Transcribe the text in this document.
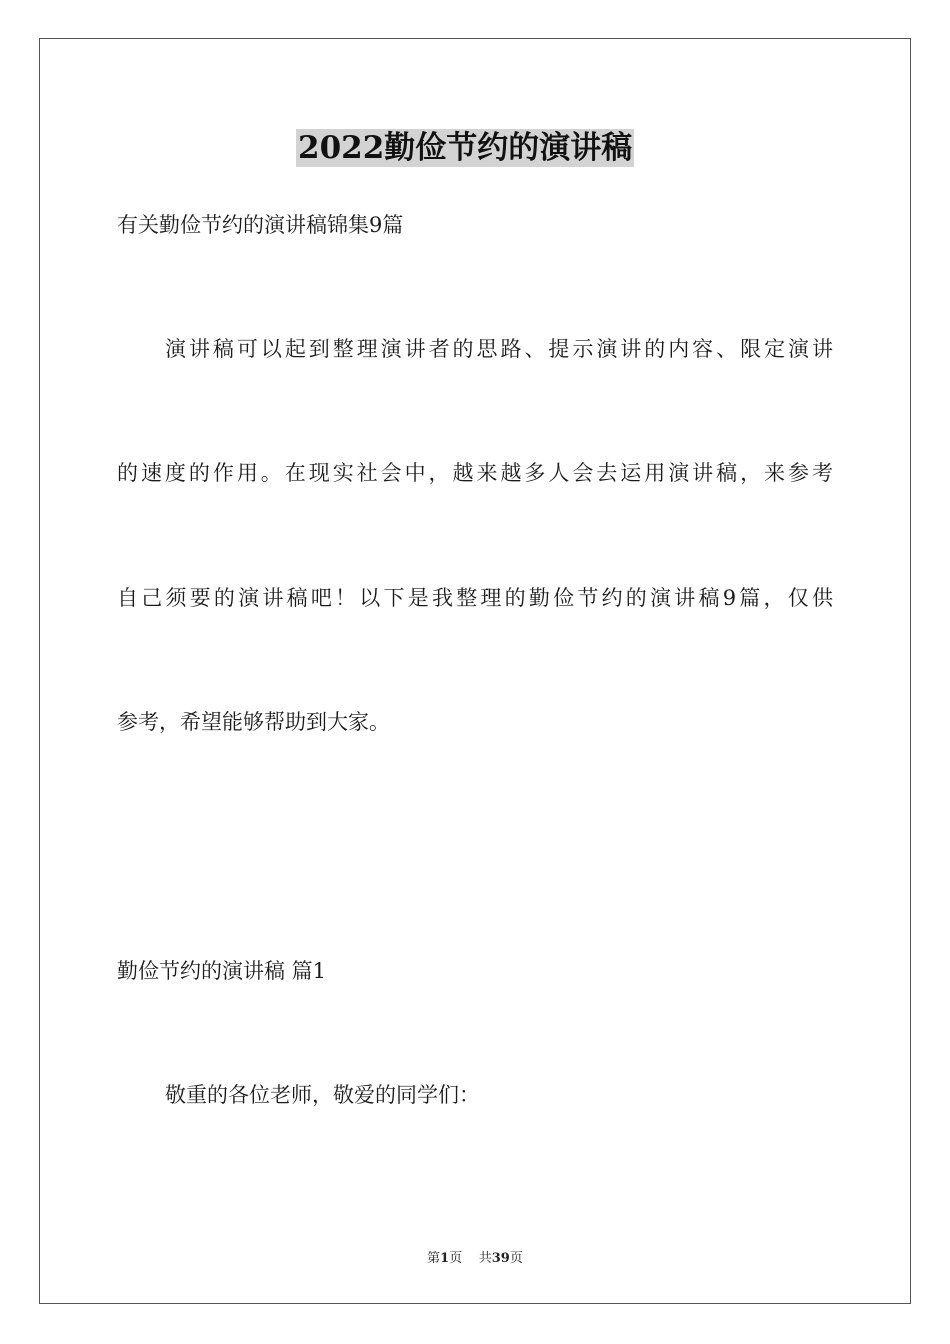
2022勤俭节约的演讲稿
有关勤俭节约的演讲稿锦集9篇
演讲稿可以起到整理演讲者的思路、提示演讲的内容、限定演讲
的速度的作用。在现实社会中，越来越多人会去运用演讲稿，来参考
自己须要的演讲稿吧！以下是我整理的勤俭节约的演讲稿9篇，仅供
参考，希望能够帮助到大家。
勤俭节约的演讲稿 篇1
敬重的各位老师，敬爱的同学们：
第1页    共39页
